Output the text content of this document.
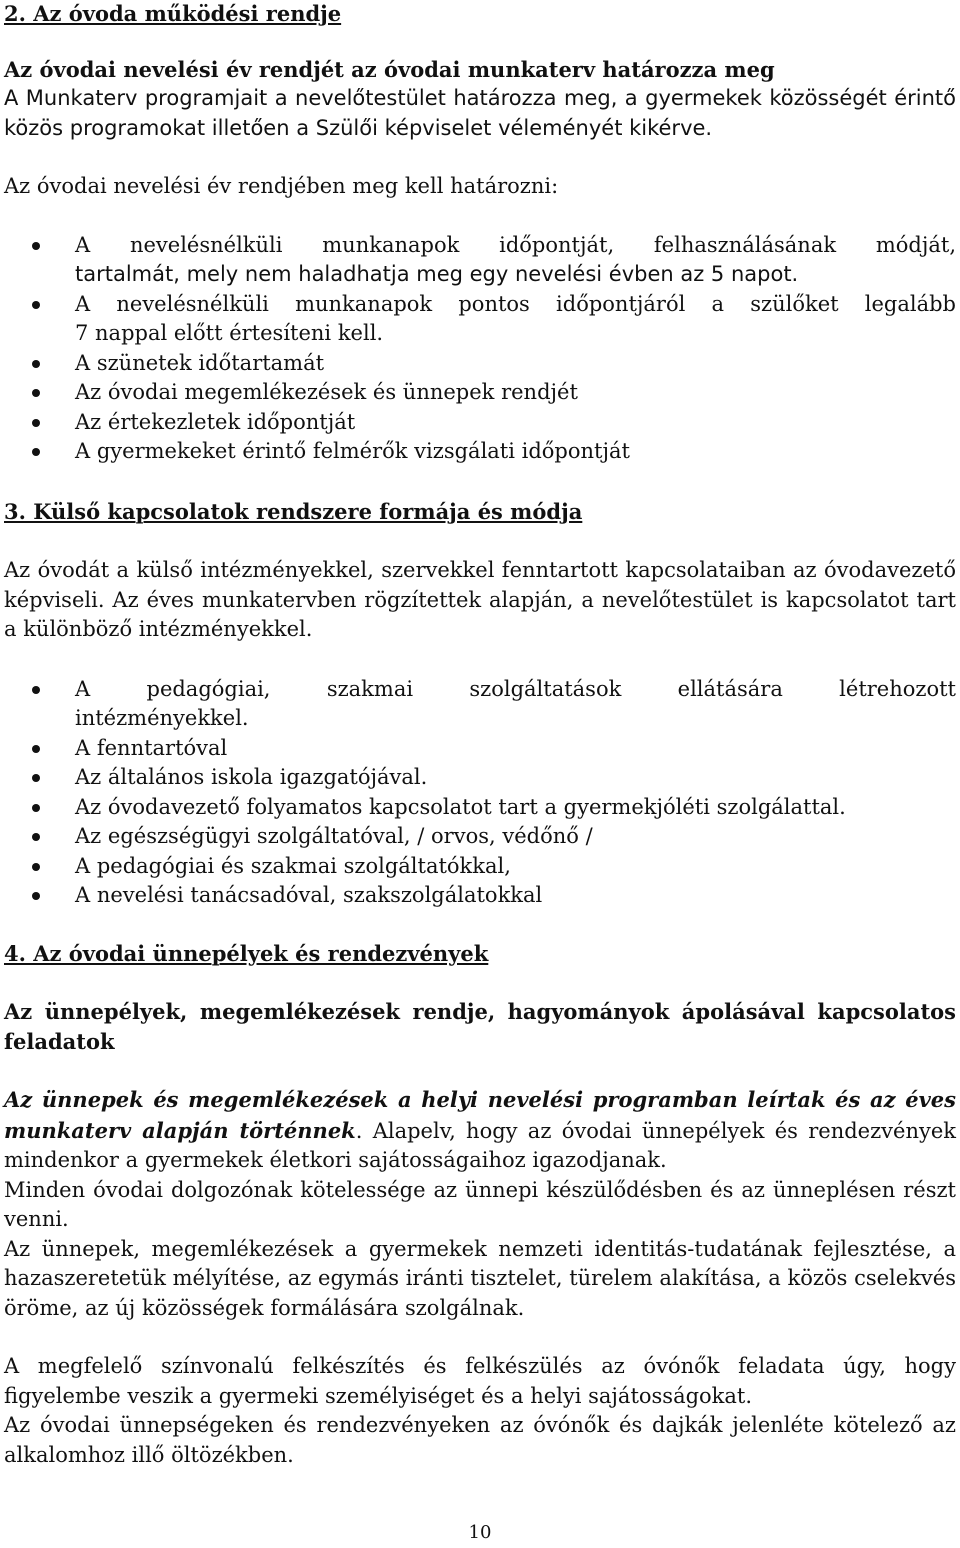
2. Az óvoda működési rendje

Az óvodai nevelési év rendjét az óvodai munkaterv határozza meg

A Munkaterv programjait a nevelőtestület határozza meg, a gyermekek közösségét érintő közös programokat illetően a Szülői képviselet véleményét kikérve.

Az óvodai nevelési év rendjében meg kell határozni:

A nevelésnélküli munkanapok időpontját, felhasználásának módját,

tartalmát, mely nem haladhatja meg egy nevelési évben az 5 napot.

A nevelésnélküli munkanapok pontos időpontjáról a szülőket legalább

7 nappal előtt értesíteni kell.

A szünetek időtartamát

Az óvodai megemlékezések és ünnepek rendjét

Az értekezletek időpontját

A gyermekeket érintő felmérők vizsgálati időpontját

3. Külső kapcsolatok rendszere formája és módja

Az óvodát a külső intézményekkel, szervekkel fenntartott kapcsolataiban az óvodavezető képviseli. Az éves munkatervben rögzítettek alapján, a nevelőtestület is kapcsolatot tart a különböző intézményekkel.

A pedagógiai, szakmai szolgáltatások ellátására létrehozott

intézményekkel.

A fenntartóval

Az általános iskola igazgatójával.

Az óvodavezető folyamatos kapcsolatot tart a gyermekjóléti szolgálattal.

Az egészségügyi szolgáltatóval, / orvos, védőnő /

A pedagógiai és szakmai szolgáltatókkal,

A nevelési tanácsadóval, szakszolgálatokkal

4. Az óvodai ünnepélyek és rendezvények

Az ünnepélyek, megemlékezések rendje, hagyományok ápolásával kapcsolatos feladatok

Az ünnepek és megemlékezések a helyi nevelési programban leírtak és az éves munkaterv alapján történnek. Alapelv, hogy az óvodai ünnepélyek és rendezvények mindenkor a gyermekek életkori sajátosságaihoz igazodjanak.

Minden óvodai dolgozónak kötelessége az ünnepi készülődésben és az ünneplésen részt venni.

Az ünnepek, megemlékezések a gyermekek nemzeti identitás-tudatának fejlesztése, a hazaszeretetük mélyítése, az egymás iránti tisztelet, türelem alakítása, a közös cselekvés öröme, az új közösségek formálására szolgálnak.

A megfelelő színvonalú felkészítés és felkészülés az óvónők feladata úgy, hogy figyelembe veszik a gyermeki személyiséget és a helyi sajátosságokat.

Az óvodai ünnepségeken és rendezvényeken az óvónők és dajkák jelenléte kötelező az alkalomhoz illő öltözékben.

10
